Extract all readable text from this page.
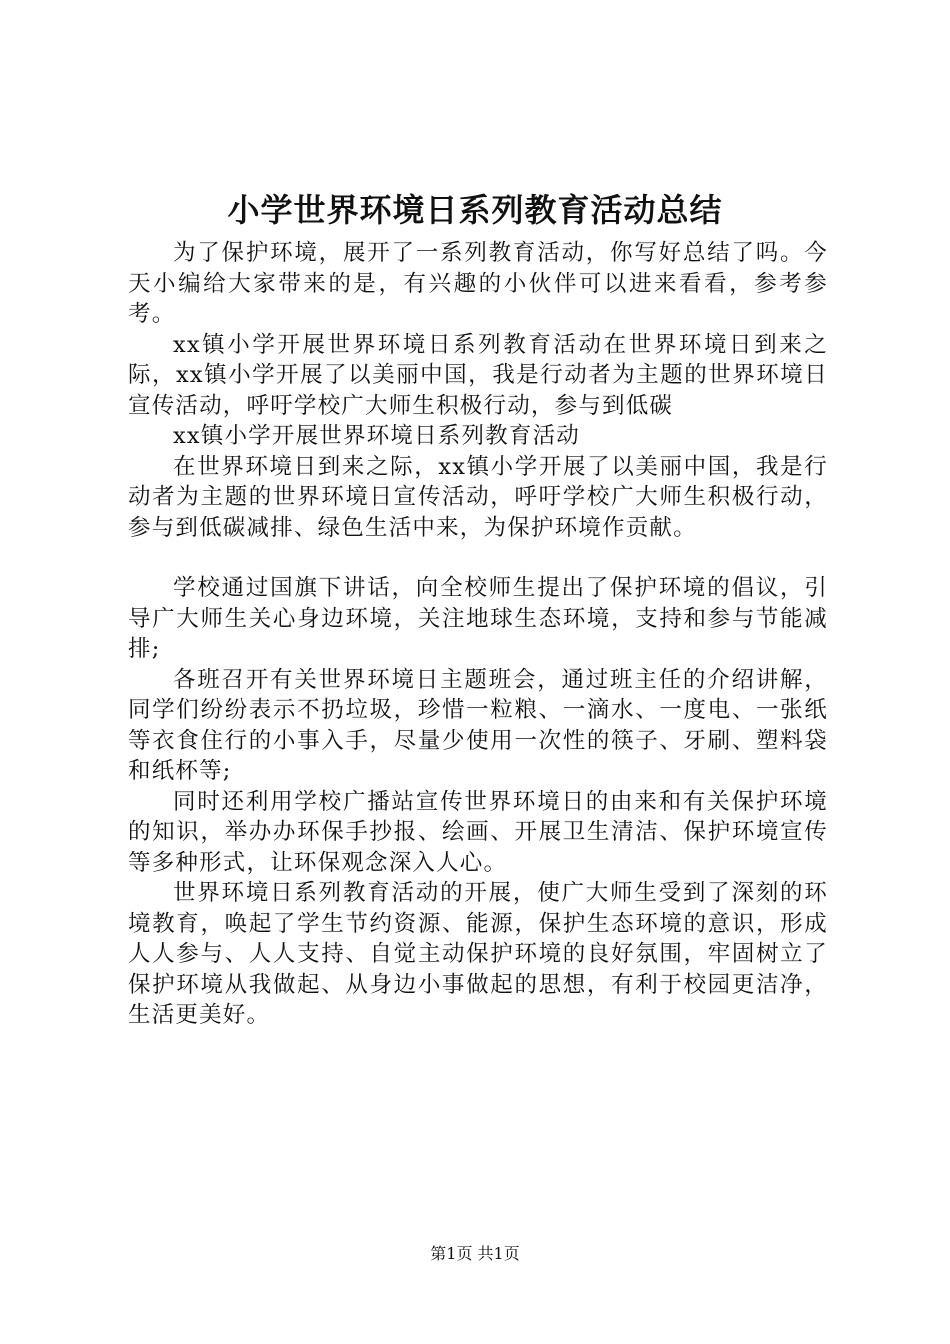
小学世界环境日系列教育活动总结

为了保护环境，展开了一系列教育活动，你写好总结了吗。今天小编给大家带来的是，有兴趣的小伙伴可以进来看看，参考参考。

xx镇小学开展世界环境日系列教育活动在世界环境日到来之际，xx镇小学开展了以美丽中国，我是行动者为主题的世界环境日宣传活动，呼吁学校广大师生积极行动，参与到低碳

xx镇小学开展世界环境日系列教育活动

在世界环境日到来之际，xx镇小学开展了以美丽中国，我是行动者为主题的世界环境日宣传活动，呼吁学校广大师生积极行动，参与到低碳减排、绿色生活中来，为保护环境作贡献。

学校通过国旗下讲话，向全校师生提出了保护环境的倡议，引导广大师生关心身边环境，关注地球生态环境，支持和参与节能减排;

各班召开有关世界环境日主题班会，通过班主任的介绍讲解，同学们纷纷表示不扔垃圾，珍惜一粒粮、一滴水、一度电、一张纸等衣食住行的小事入手，尽量少使用一次性的筷子、牙刷、塑料袋和纸杯等;

同时还利用学校广播站宣传世界环境日的由来和有关保护环境的知识，举办办环保手抄报、绘画、开展卫生清洁、保护环境宣传等多种形式，让环保观念深入人心。

世界环境日系列教育活动的开展，使广大师生受到了深刻的环境教育，唤起了学生节约资源、能源，保护生态环境的意识，形成人人参与、人人支持、自觉主动保护环境的良好氛围，牢固树立了保护环境从我做起、从身边小事做起的思想，有利于校园更洁净，生活更美好。

第1页 共1页
